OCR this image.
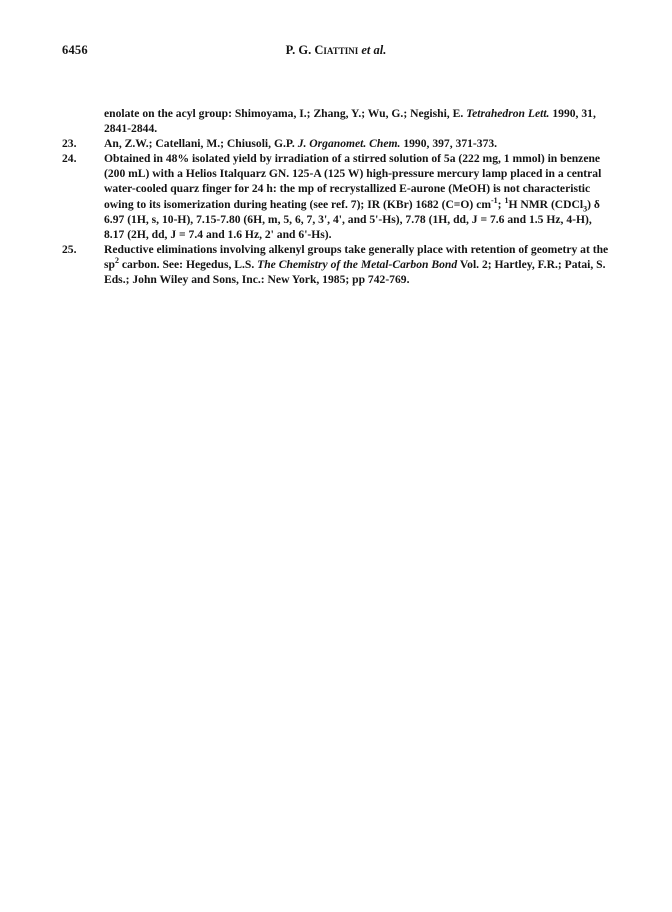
6456	P. G. Ciattini et al.

enolate on the acyl group: Shimoyama, I.; Zhang, Y.; Wu, G.; Negishi, E. Tetrahedron Lett. 1990, 31, 2841-2844.

23. An, Z.W.; Catellani, M.; Chiusoli, G.P. J. Organomet. Chem. 1990, 397, 371-373.

24. Obtained in 48% isolated yield by irradiation of a stirred solution of 5a (222 mg, 1 mmol) in benzene (200 mL) with a Helios Italquarz GN. 125-A (125 W) high-pressure mercury lamp placed in a central water-cooled quarz finger for 24 h: the mp of recrystallized E-aurone (MeOH) is not characteristic owing to its isomerization during heating (see ref. 7); IR (KBr) 1682 (C=O) $cm^{-1}$; $^1$H NMR (CDCl$_3$) δ 6.97 (1H, s, 10-H), 7.15-7.80 (6H, m, 5, 6, 7, 3', 4', and 5'-Hs), 7.78 (1H, dd, J = 7.6 and 1.5 Hz, 4-H), 8.17 (2H, dd, J = 7.4 and 1.6 Hz, 2' and 6'-Hs).

25. Reductive eliminations involving alkenyl groups take generally place with retention of geometry at the $sp^2$ carbon. See: Hegedus, L.S. The Chemistry of the Metal-Carbon Bond Vol. 2; Hartley, F.R.; Patai, S. Eds.; John Wiley and Sons, Inc.: New York, 1985; pp 742-769.
